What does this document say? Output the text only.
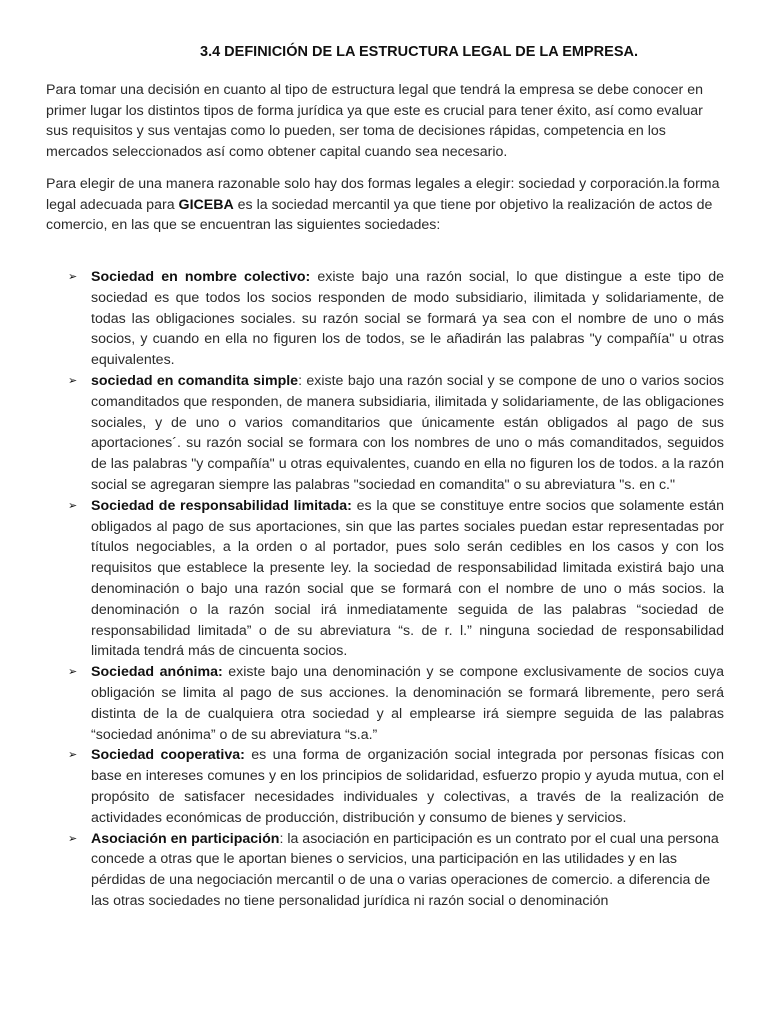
3.4 DEFINICIÓN DE LA ESTRUCTURA LEGAL DE LA EMPRESA.

Para tomar una decisión en cuanto al tipo de estructura legal que tendrá la empresa se debe conocer en primer lugar los distintos tipos de forma jurídica ya que este es crucial para tener éxito, así como evaluar sus requisitos y sus ventajas como lo pueden, ser toma de decisiones rápidas, competencia en los mercados seleccionados así como obtener capital cuando sea necesario.

Para elegir de una manera razonable solo hay dos formas legales a elegir: sociedad y corporación.la forma legal adecuada para GICEBA es la sociedad mercantil ya que tiene por objetivo la realización de actos de comercio, en las que se encuentran las siguientes sociedades:

➢ Sociedad en nombre colectivo: existe bajo una razón social, lo que distingue a este tipo de sociedad es que todos los socios responden de modo subsidiario, ilimitada y solidariamente, de todas las obligaciones sociales. su razón social se formará ya sea con el nombre de uno o más socios, y cuando en ella no figuren los de todos, se le añadirán las palabras "y compañía" u otras equivalentes.
➢ sociedad en comandita simple: existe bajo una razón social y se compone de uno o varios socios comanditados que responden, de manera subsidiaria, ilimitada y solidariamente, de las obligaciones sociales, y de uno o varios comanditarios que únicamente están obligados al pago de sus aportaciones´. su razón social se formara con los nombres de uno o más comanditados, seguidos de las palabras "y compañía" u otras equivalentes, cuando en ella no figuren los de todos. a la razón social se agregaran siempre las palabras "sociedad en comandita" o su abreviatura "s. en c."
➢ Sociedad de responsabilidad limitada: es la que se constituye entre socios que solamente están obligados al pago de sus aportaciones, sin que las partes sociales puedan estar representadas por títulos negociables, a la orden o al portador, pues solo serán cedibles en los casos y con los requisitos que establece la presente ley. la sociedad de responsabilidad limitada existirá bajo una denominación o bajo una razón social que se formará con el nombre de uno o más socios. la denominación o la razón social irá inmediatamente seguida de las palabras “sociedad de responsabilidad limitada” o de su abreviatura “s. de r. l.” ninguna sociedad de responsabilidad limitada tendrá más de cincuenta socios.
➢ Sociedad anónima: existe bajo una denominación y se compone exclusivamente de socios cuya obligación se limita al pago de sus acciones. la denominación se formará libremente, pero será distinta de la de cualquiera otra sociedad y al emplearse irá siempre seguida de las palabras “sociedad anónima” o de su abreviatura “s.a.”
➢ Sociedad cooperativa: es una forma de organización social integrada por personas físicas con base en intereses comunes y en los principios de solidaridad, esfuerzo propio y ayuda mutua, con el propósito de satisfacer necesidades individuales y colectivas, a través de la realización de actividades económicas de producción, distribución y consumo de bienes y servicios.
➢ Asociación en participación: la asociación en participación es un contrato por el cual una persona concede a otras que le aportan bienes o servicios, una participación en las utilidades y en las pérdidas de una negociación mercantil o de una o varias operaciones de comercio. a diferencia de las otras sociedades no tiene personalidad jurídica ni razón social o denominación
